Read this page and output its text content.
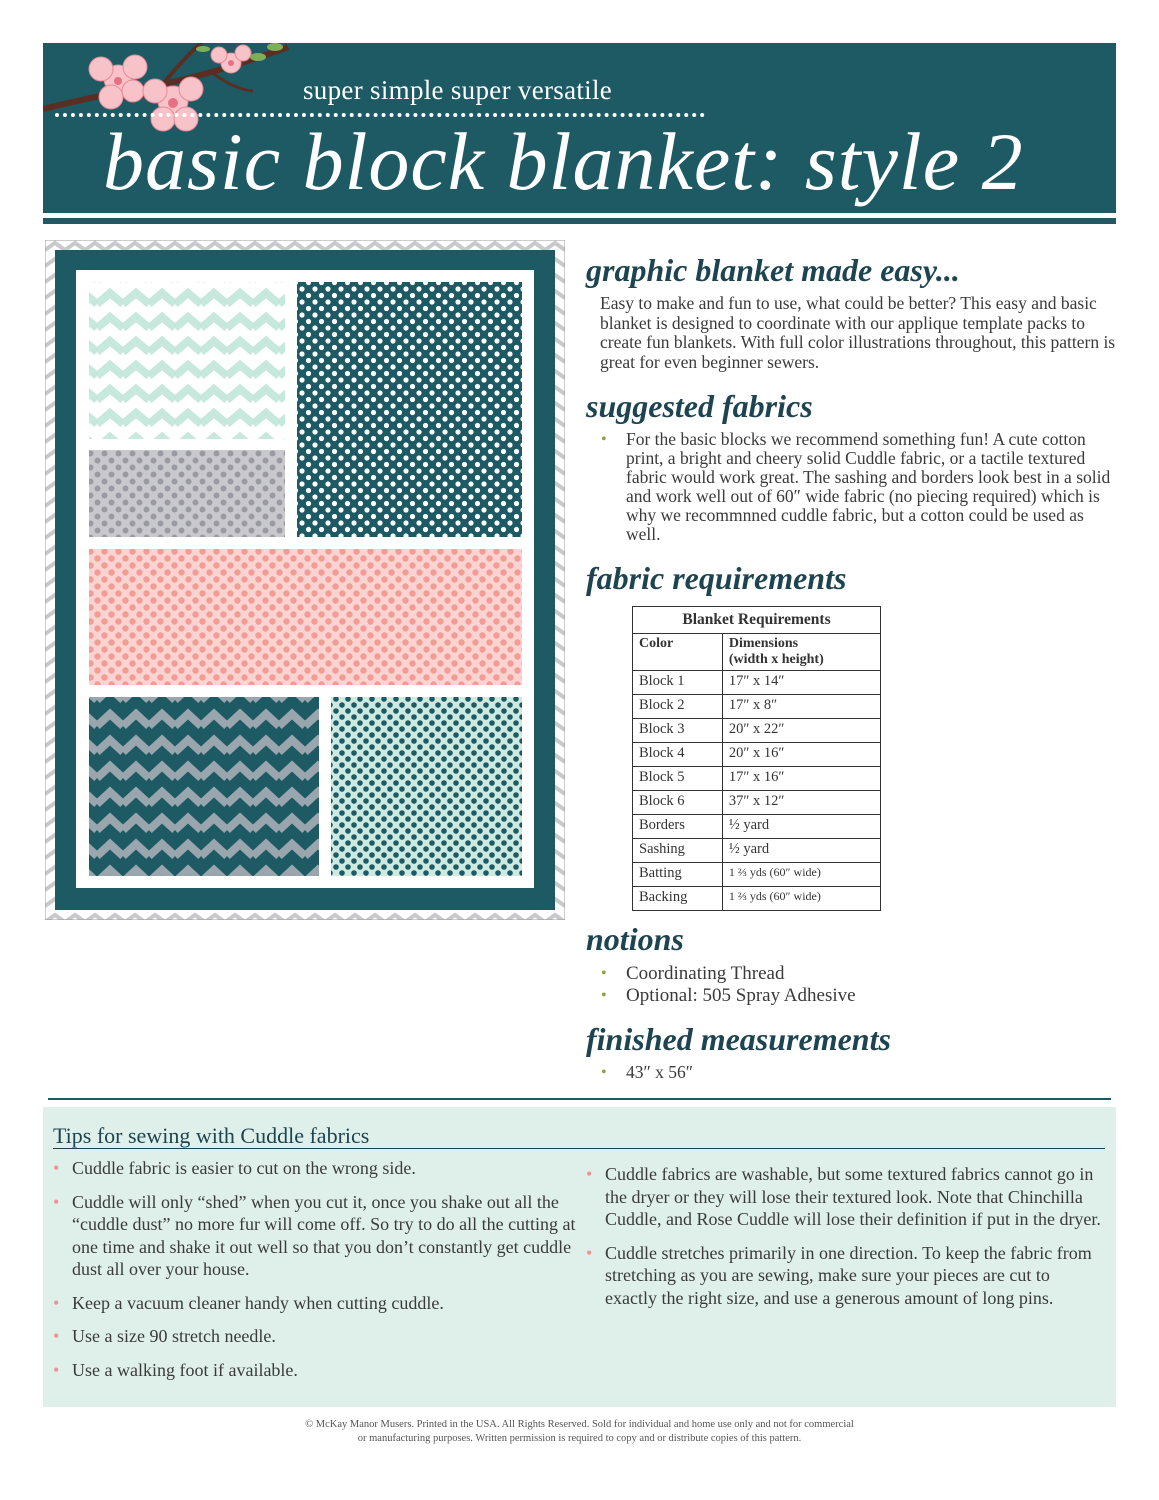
super simple super versatile
basic block blanket: style 2
graphic blanket made easy...

Easy to make and fun to use, what could be better? This easy and basic blanket is designed to coordinate with our applique template packs to create fun blankets. With full color illustrations throughout, this pattern is great for even beginner sewers.

suggested fabrics
• For the basic blocks we recommend something fun! A cute cotton print, a bright and cheery solid Cuddle fabric, or a tactile textured fabric would work great. The sashing and borders look best in a solid and work well out of 60″ wide fabric (no piecing required) which is why we recommnned cuddle fabric, but a cotton could be used as well.
fabric requirements
Blanket Requirements	
Color	Dimensions
(width x height)
Block 1	17″ x 14″
Block 2	17″ x 8″
Block 3	20″ x 22″
Block 4	20″ x 16″
Block 5	17″ x 16″
Block 6	37″ x 12″
Borders	½ yard
Sashing	½ yard
Batting	1 ⅔ yds (60″ wide)
Backing	1 ⅔ yds (60″ wide)
notions
• Coordinating Thread
• Optional: 505 Spray Adhesive
finished measurements
• 43″ x 56″
Tips for sewing with Cuddle fabrics
• Cuddle fabric is easier to cut on the wrong side.
• Cuddle will only “shed” when you cut it, once you shake out all the “cuddle dust” no more fur will come off. So try to do all the cutting at one time and shake it out well so that you don’t constantly get cuddle dust all over your house.
• Keep a vacuum cleaner handy when cutting cuddle.
• Use a size 90 stretch needle.
• Use a walking foot if available.
• Cuddle fabrics are washable, but some textured fabrics cannot go in the dryer or they will lose their textured look. Note that Chinchilla Cuddle, and Rose Cuddle will lose their definition if put in the dryer.
• Cuddle stretches primarily in one direction. To keep the fabric from stretching as you are sewing, make sure your pieces are cut to exactly the right size, and use a generous amount of long pins.
© McKay Manor Musers. Printed in the USA. All Rights Reserved. Sold for individual and home use only and not for commercial
or manufacturing purposes. Written permission is required to copy and or distribute copies of this pattern.
